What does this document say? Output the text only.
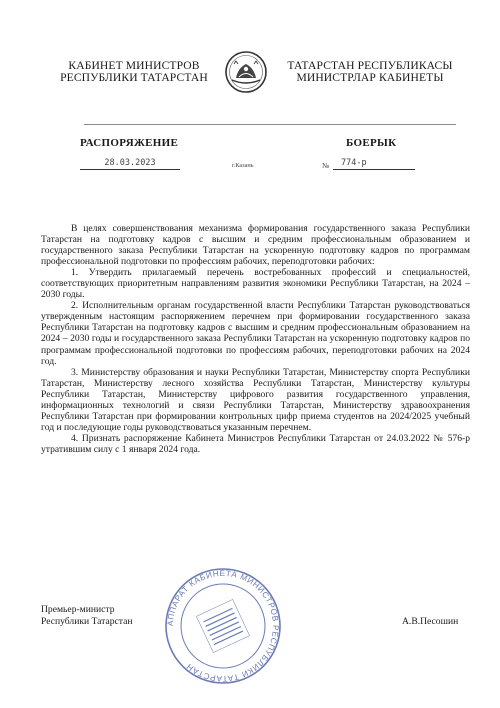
КАБИНЕТ МИНИСТРОВ
РЕСПУБЛИКИ ТАТАРСТАН
ТАТАРСТАН РЕСПУБЛИКАСЫ
МИНИСТРЛАР КАБИНЕТЫ
РАСПОРЯЖЕНИЕ	БОЕРЫК
28.03.2023	г.Казань	№	774-р

В целях совершенствования механизма формирования государственного заказа Республики Татарстан на подготовку кадров с высшим и средним профессиональным образованием и государственного заказа Республики Татарстан на ускоренную подготовку кадров по программам профессиональной подготовки по профессиям рабочих, переподготовки рабочих:

1. Утвердить прилагаемый перечень востребованных профессий и специальностей, соответствующих приоритетным направлениям развития экономики Республики Татарстан, на 2024 – 2030 годы.

2. Исполнительным органам государственной власти Республики Татарстан руководствоваться утвержденным настоящим распоряжением перечнем при формировании государственного заказа Республики Татарстан на подготовку кадров с высшим и средним профессиональным образованием на 2024 – 2030 годы и государственного заказа Республики Татарстан на ускоренную подготовку кадров по программам профессиональной подготовки по профессиям рабочих, переподготовки рабочих на 2024 год.

3. Министерству образования и науки Республики Татарстан, Министерству спорта Республики Татарстан, Министерству лесного хозяйства Республики Татарстан, Министерству культуры Республики Татарстан, Министерству цифрового развития государственного управления, информационных технологий и связи Республики Татарстан, Министерству здравоохранения Республики Татарстан при формировании контрольных цифр приема студентов на 2024/2025 учебный год и последующие годы руководствоваться указанным перечнем.

4. Признать распоряжение Кабинета Министров Республики Татарстан от 24.03.2022 № 576-р утратившим силу с 1 января 2024 года.

АППАРАТ КАБИНЕТА МИНИСТРОВ РЕСПУБЛИКИ ТАТАРСТАН
Премьер-министр
Республики Татарстан	А.В.Песошин
